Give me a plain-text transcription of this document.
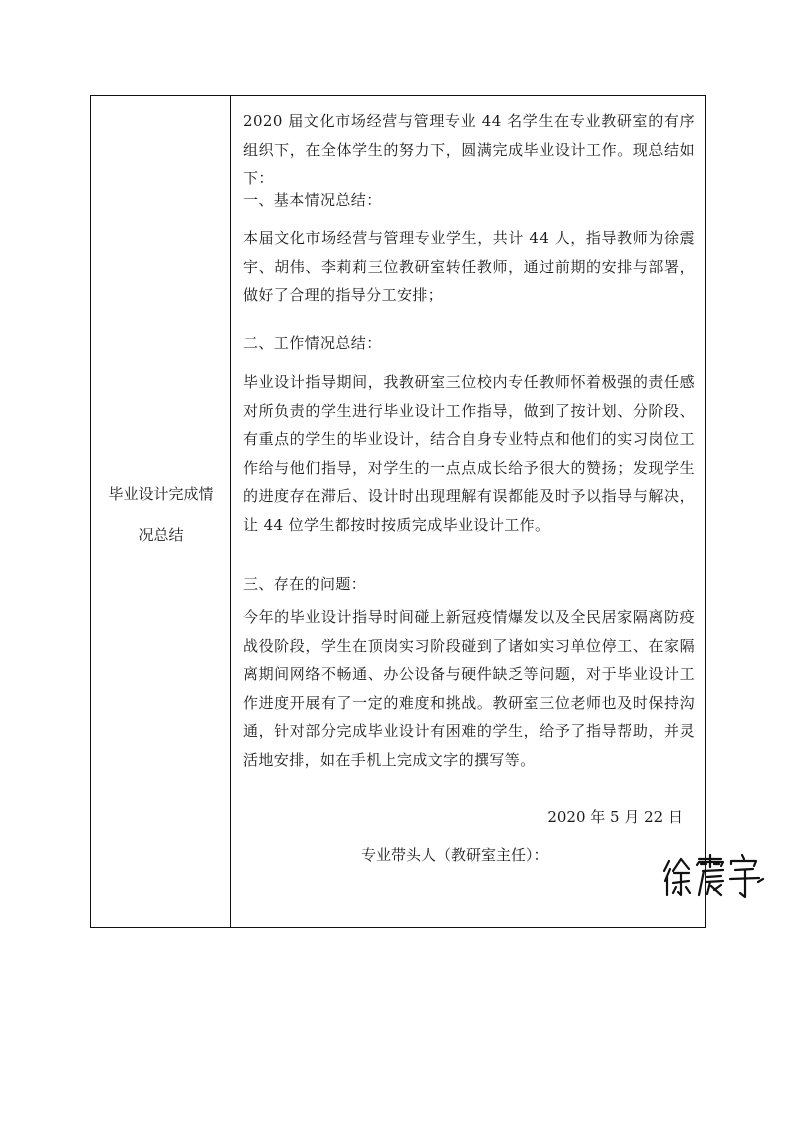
毕业设计完成情
况总结
2020 届文化市场经营与管理专业 44 名学生在专业教研室的有序组织下，在全体学生的努力下，圆满完成毕业设计工作。现总结如下：
一、基本情况总结：
本届文化市场经营与管理专业学生，共计 44 人，指导教师为徐震宇、胡伟、李莉莉三位教研室转任教师，通过前期的安排与部署，做好了合理的指导分工安排；
二、工作情况总结：
毕业设计指导期间，我教研室三位校内专任教师怀着极强的责任感对所负责的学生进行毕业设计工作指导，做到了按计划、分阶段、有重点的学生的毕业设计，结合自身专业特点和他们的实习岗位工作给与他们指导，对学生的一点点成长给予很大的赞扬；发现学生的进度存在滞后、设计时出现理解有误都能及时予以指导与解决，让 44 位学生都按时按质完成毕业设计工作。
三、存在的问题：
今年的毕业设计指导时间碰上新冠疫情爆发以及全民居家隔离防疫战役阶段，学生在顶岗实习阶段碰到了诸如实习单位停工、在家隔离期间网络不畅通、办公设备与硬件缺乏等问题，对于毕业设计工作进度开展有了一定的难度和挑战。教研室三位老师也及时保持沟通，针对部分完成毕业设计有困难的学生，给予了指导帮助，并灵活地安排，如在手机上完成文字的撰写等。
2020 年 5 月 22 日
专业带头人（教研室主任）：
